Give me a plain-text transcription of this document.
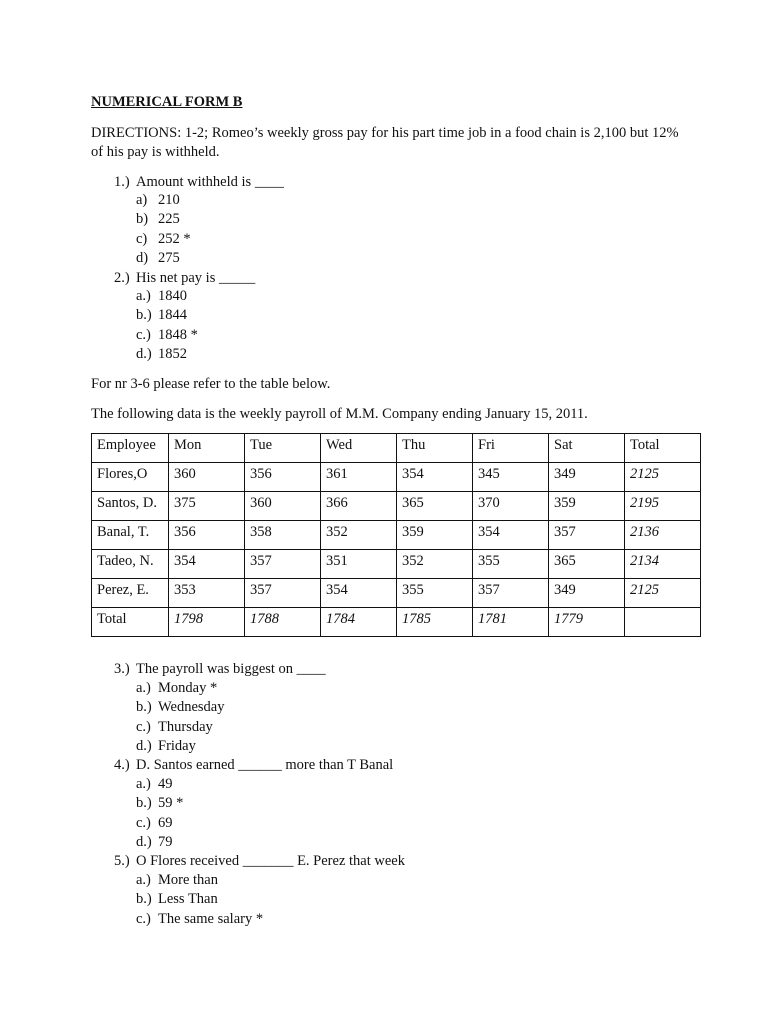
NUMERICAL FORM B
DIRECTIONS: 1-2; Romeo’s weekly gross pay for his part time job in a food chain is 2,100 but 12% of his pay is withheld.
1.) Amount withheld is ____
a) 210
b) 225
c) 252 *
d) 275
2.) His net pay is _____
a.) 1840
b.) 1844
c.) 1848 *
d.) 1852
For nr 3-6 please refer to the table below.
The following data is the weekly payroll of M.M. Company ending January 15, 2011.
Employee	Mon	Tue	Wed	Thu	Fri	Sat	Total
Flores,O	360	356	361	354	345	349	2125
Santos, D.	375	360	366	365	370	359	2195
Banal, T.	356	358	352	359	354	357	2136
Tadeo, N.	354	357	351	352	355	365	2134
Perez, E.	353	357	354	355	357	349	2125
Total	1798	1788	1784	1785	1781	1779	
3.) The payroll was biggest on ____
a.) Monday *
b.) Wednesday
c.) Thursday
d.) Friday
4.) D. Santos earned ______ more than T Banal
a.) 49
b.) 59 *
c.) 69
d.) 79
5.) O Flores received _______ E. Perez that week
a.) More than
b.) Less Than
c.) The same salary *
